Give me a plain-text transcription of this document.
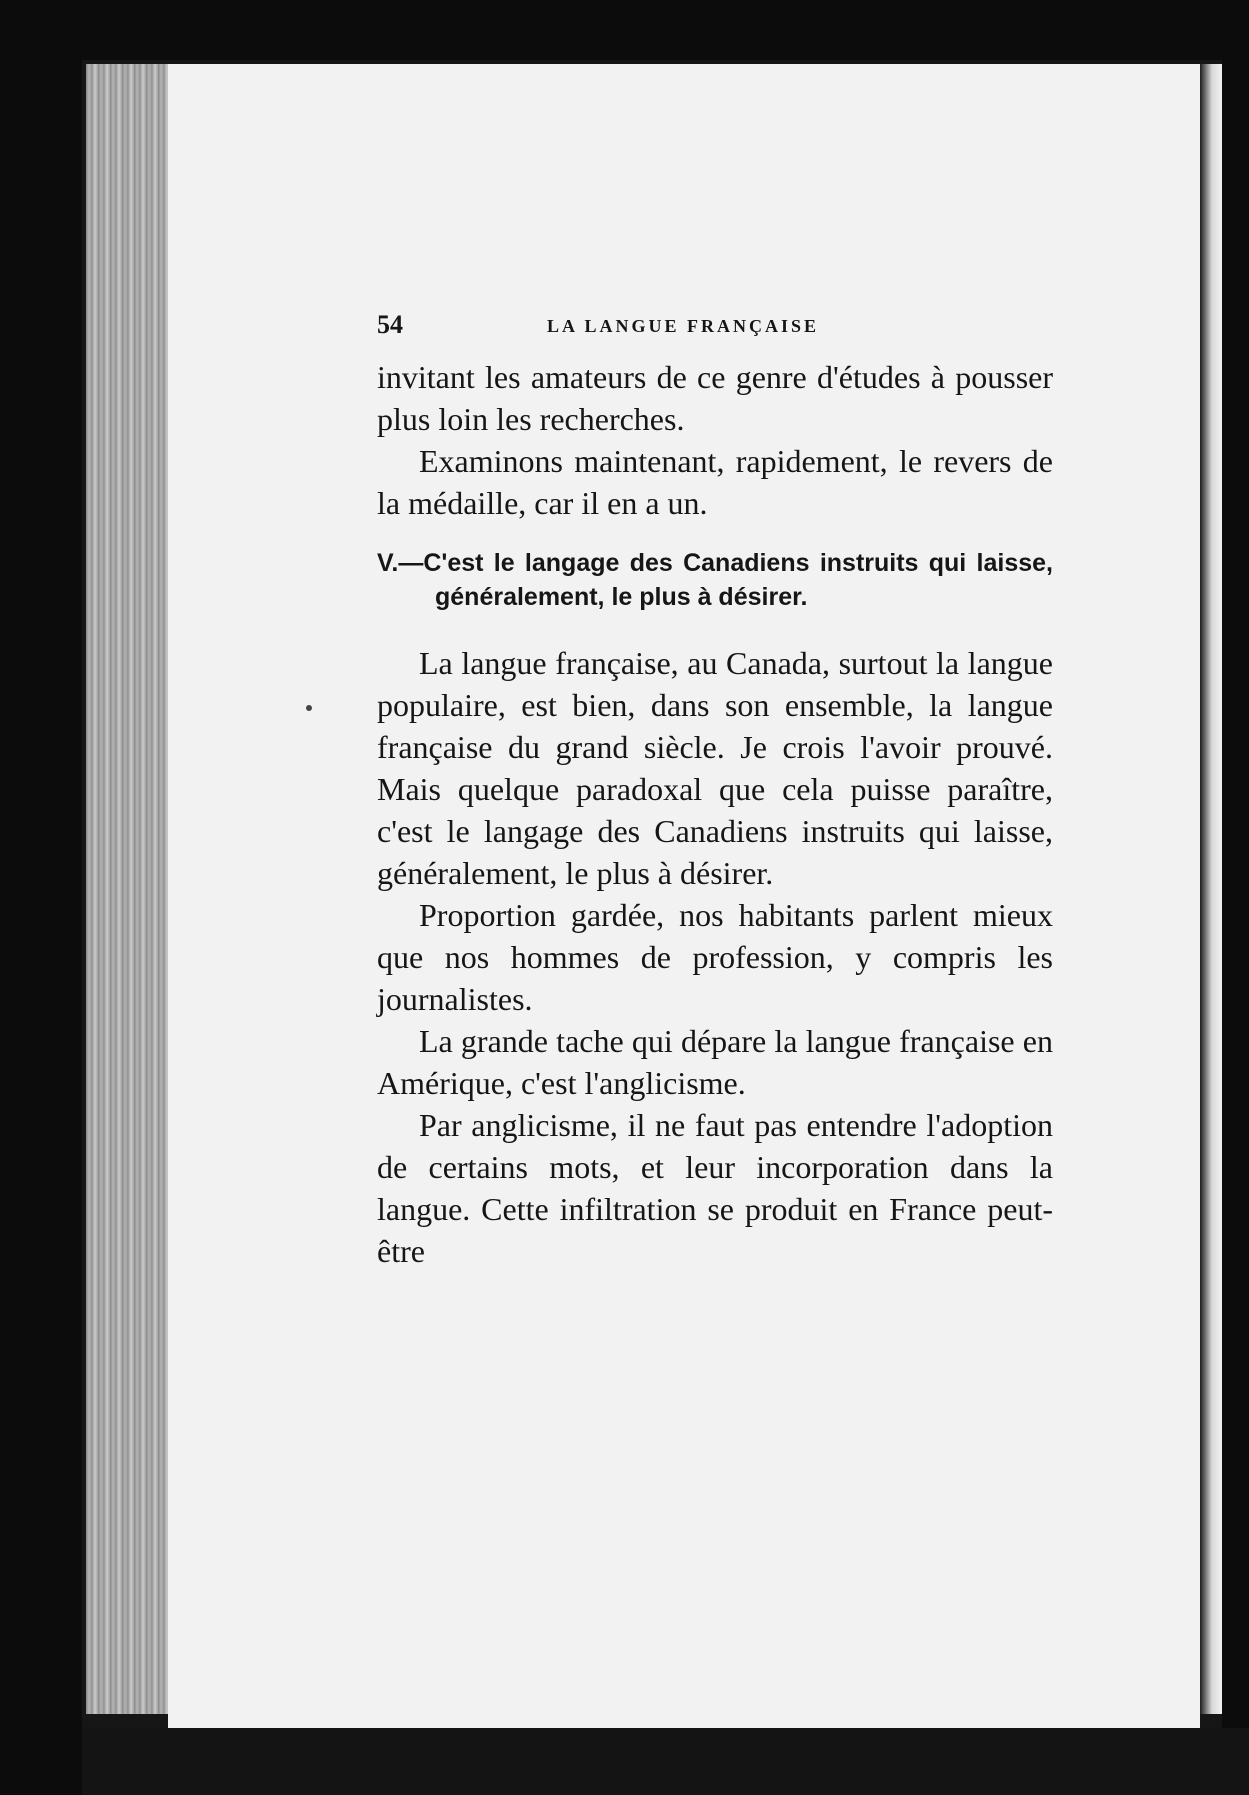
54	LA LANGUE FRANÇAISE

invitant les amateurs de ce genre d'études à pousser plus loin les recherches.

Examinons maintenant, rapidement, le revers de la médaille, car il en a un.

V.—C'est le langage des Canadiens instruits qui laisse, généralement, le plus à désirer.

La langue française, au Canada, surtout la langue populaire, est bien, dans son ensemble, la langue française du grand siècle. Je crois l'avoir prouvé. Mais quelque paradoxal que cela puisse paraître, c'est le langage des Canadiens instruits qui laisse, généralement, le plus à désirer.

Proportion gardée, nos habitants parlent mieux que nos hommes de profession, y compris les journalistes.

La grande tache qui dépare la langue française en Amérique, c'est l'anglicisme.

Par anglicisme, il ne faut pas entendre l'adoption de certains mots, et leur incorporation dans la langue. Cette infiltration se produit en France peut-être
